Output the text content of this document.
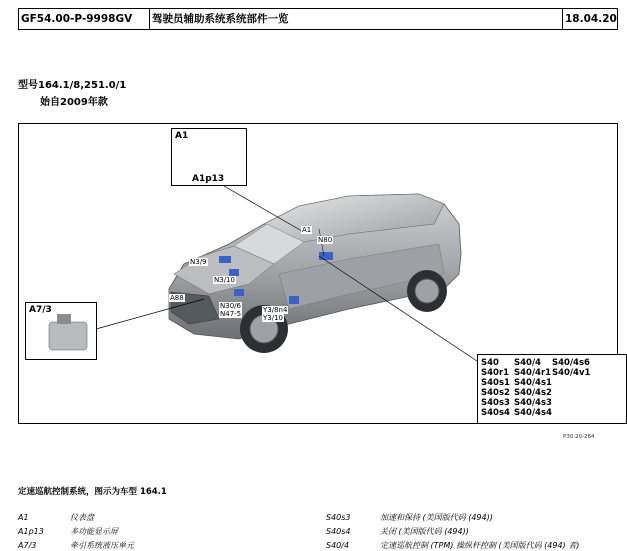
GF54.00-P-9998GV	驾驶员辅助系统系统部件一览	18.04.20
型号164.1/8,251.0/1
始自2009年款
A1
A1p13
A7/3
A1
N80
N3/9
N3/10
A88
N30/6
N47-5	Y3/8n4
Y3/10
S40 S40/4 S40/4s6
S40r1 S40/4r1 S40/4v1
S40s1 S40/4s1
S40s2 S40/4s2
S40s3 S40/4s3
S40s4 S40/4s4
P30.20-264
定速巡航控制系统，图示为车型 164.1
A1	仪表盘
A1p13	多功能显示屏
A7/3	牵引系统液压单元
S40s3	加速和保持 (美国版代码 (494))
S40s4	关闭 (美国版代码 (494))
S40/4	定速巡航控制 (TPM) 操纵杆控制 (美国版代码 (494) 者)
